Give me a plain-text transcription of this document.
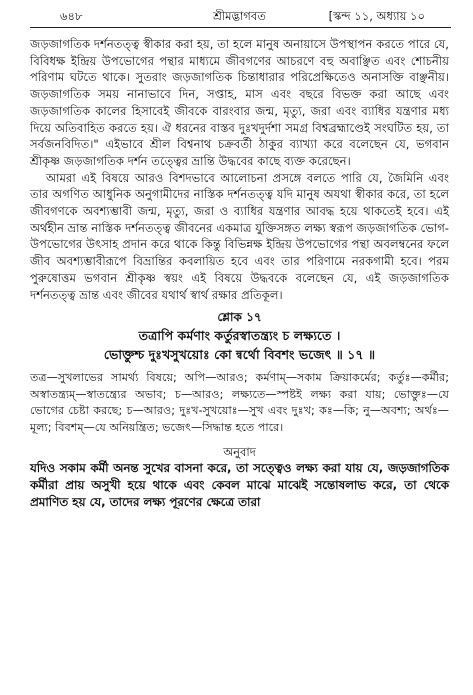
৬৪৮	শ্রীমদ্ভাগবত	[স্কন্দ ১১, অধ্যায় ১০

জড়জাগতিক দর্শনতত্ত্ব স্বীকার করা হয়, তা হলে মানুষ অনায়াসে উপস্থাপন করতে পারে যে, বিবিধক্ষ ইন্দ্রিয় উপভোগের পন্থার মাধ্যমে জীবগণের আচরণে বহু অবাঞ্ছিত এবং শোচনীয় পরিণাম ঘটতে থাকে। সুতরাং জড়জাগতিক চিন্তাধারার পরিপ্রেক্ষিতেও অনাসক্তি বাঞ্ছনীয়। জড়জাগতিক সময় নানাভাবে দিন, সপ্তাহ, মাস এবং বছরে বিভক্ত করা আছে এবং জড়জাগতিক কালের হিসাবেই জীবকে বারংবার জন্ম, মৃত্যু, জরা এবং ব্যাধির যন্ত্রণার মধ্য দিয়ে অতিবাহিত করতে হয়। ঐ ধরনের বাস্তব দুঃখদুর্দশা সমগ্র বিশ্বব্রহ্মাণ্ডেই সংঘটিত হয়, তা সর্বজনবিদিত।" এইভাবে শ্রীল বিশ্বনাথ চক্রবর্তী ঠাকুর ব্যাখ্যা করে বলেছেন যে, ভগবান শ্রীকৃষ্ণ জড়জাগতিক দর্শন তত্ত্বের ভ্রান্তি উদ্ধবের কাছে ব্যক্ত করেছেন।

আমরা এই বিষয়ে আরও বিশদভাবে আলোচনা প্রসঙ্গে বলতে পারি যে, জৈমিনি এবং তার অগণিত আধুনিক অনুগামীদের নাস্তিক দর্শনতত্ত্ব যদি মানুষ অযথা স্বীকার করে, তা হলে জীবগণকে অবশ্যম্ভাবী জন্ম, মৃত্যু, জরা ও ব্যাধির যন্ত্রণার আবদ্ধ হয়ে থাকতেই হবে। এই অর্থহীন ভ্রান্ত নাস্তিক দর্শনতত্ত্ব জীবনের একমাত্র যুক্তিসঙ্গত লক্ষ্য স্বরূপ জড়জাগতিক ভোগ-উপভোগের উৎসাহ প্রদান করে থাকে কিন্তু বিভিন্নক্ষ ইন্দ্রিয় উপভোগের পন্থা অবলম্বনের ফলে জীব অবশ্যম্ভাবীরূপে বিভ্রান্তির কবলায়িত হবে এবং তার পরিণামে নরকগামী হবে। পরম পুরুষোত্তম ভগবান শ্রীকৃষ্ণ স্বয়ং এই বিষয়ে উদ্ধবকে বলেছেন যে, এই জড়জাগতিক দর্শনতত্ত্ব ভ্রান্ত এবং জীবের যথার্থ স্বার্থ রক্ষার প্রতিকূল।

শ্লোক ১৭

তত্রাপি কর্মণাং কর্তুরস্বাতন্ত্র্যং চ লক্ষ্যতে ।

ভোক্তুশ্চ দুঃখসুখয়োঃ কো ন্বর্থো বিবশং ভজেৎ ॥ ১৭ ॥

তত্র—সুখলাভের সামর্থ্য বিষয়ে; অপি—আরও; কর্মণাম্—সকাম ক্রিয়াকর্মের; কর্তুঃ—কর্মীর; অস্বাতন্ত্র্যম্—স্বাতন্ত্র্যের অভাব; চ—আরও; লক্ষ্যতে—স্পষ্টই লক্ষ্য করা যায়; ভোক্তুঃ—যে ভোগের চেষ্টা করছে; চ—আরও; দুঃখ-সুখয়োঃ—সুখ এবং দুঃখ; কঃ—কি; নু—অবশ্য; অর্থঃ—মূল্য; বিবশম্—যে অনিয়ন্ত্রিত; ভজেৎ—সিদ্ধান্ত হতে পারে।
অনুবাদ

যদিও সকাম কর্মী অনন্ত সুখের বাসনা করে, তা সত্ত্বেও লক্ষ্য করা যায় যে, জড়জাগতিক কর্মীরা প্রায় অসুখী হয়ে থাকে এবং কেবল মাঝে মাঝেই সন্তোষলাভ করে, তা থেকে প্রমাণিত হয় যে, তাদের লক্ষ্য পূরণের ক্ষেত্রে তারা
